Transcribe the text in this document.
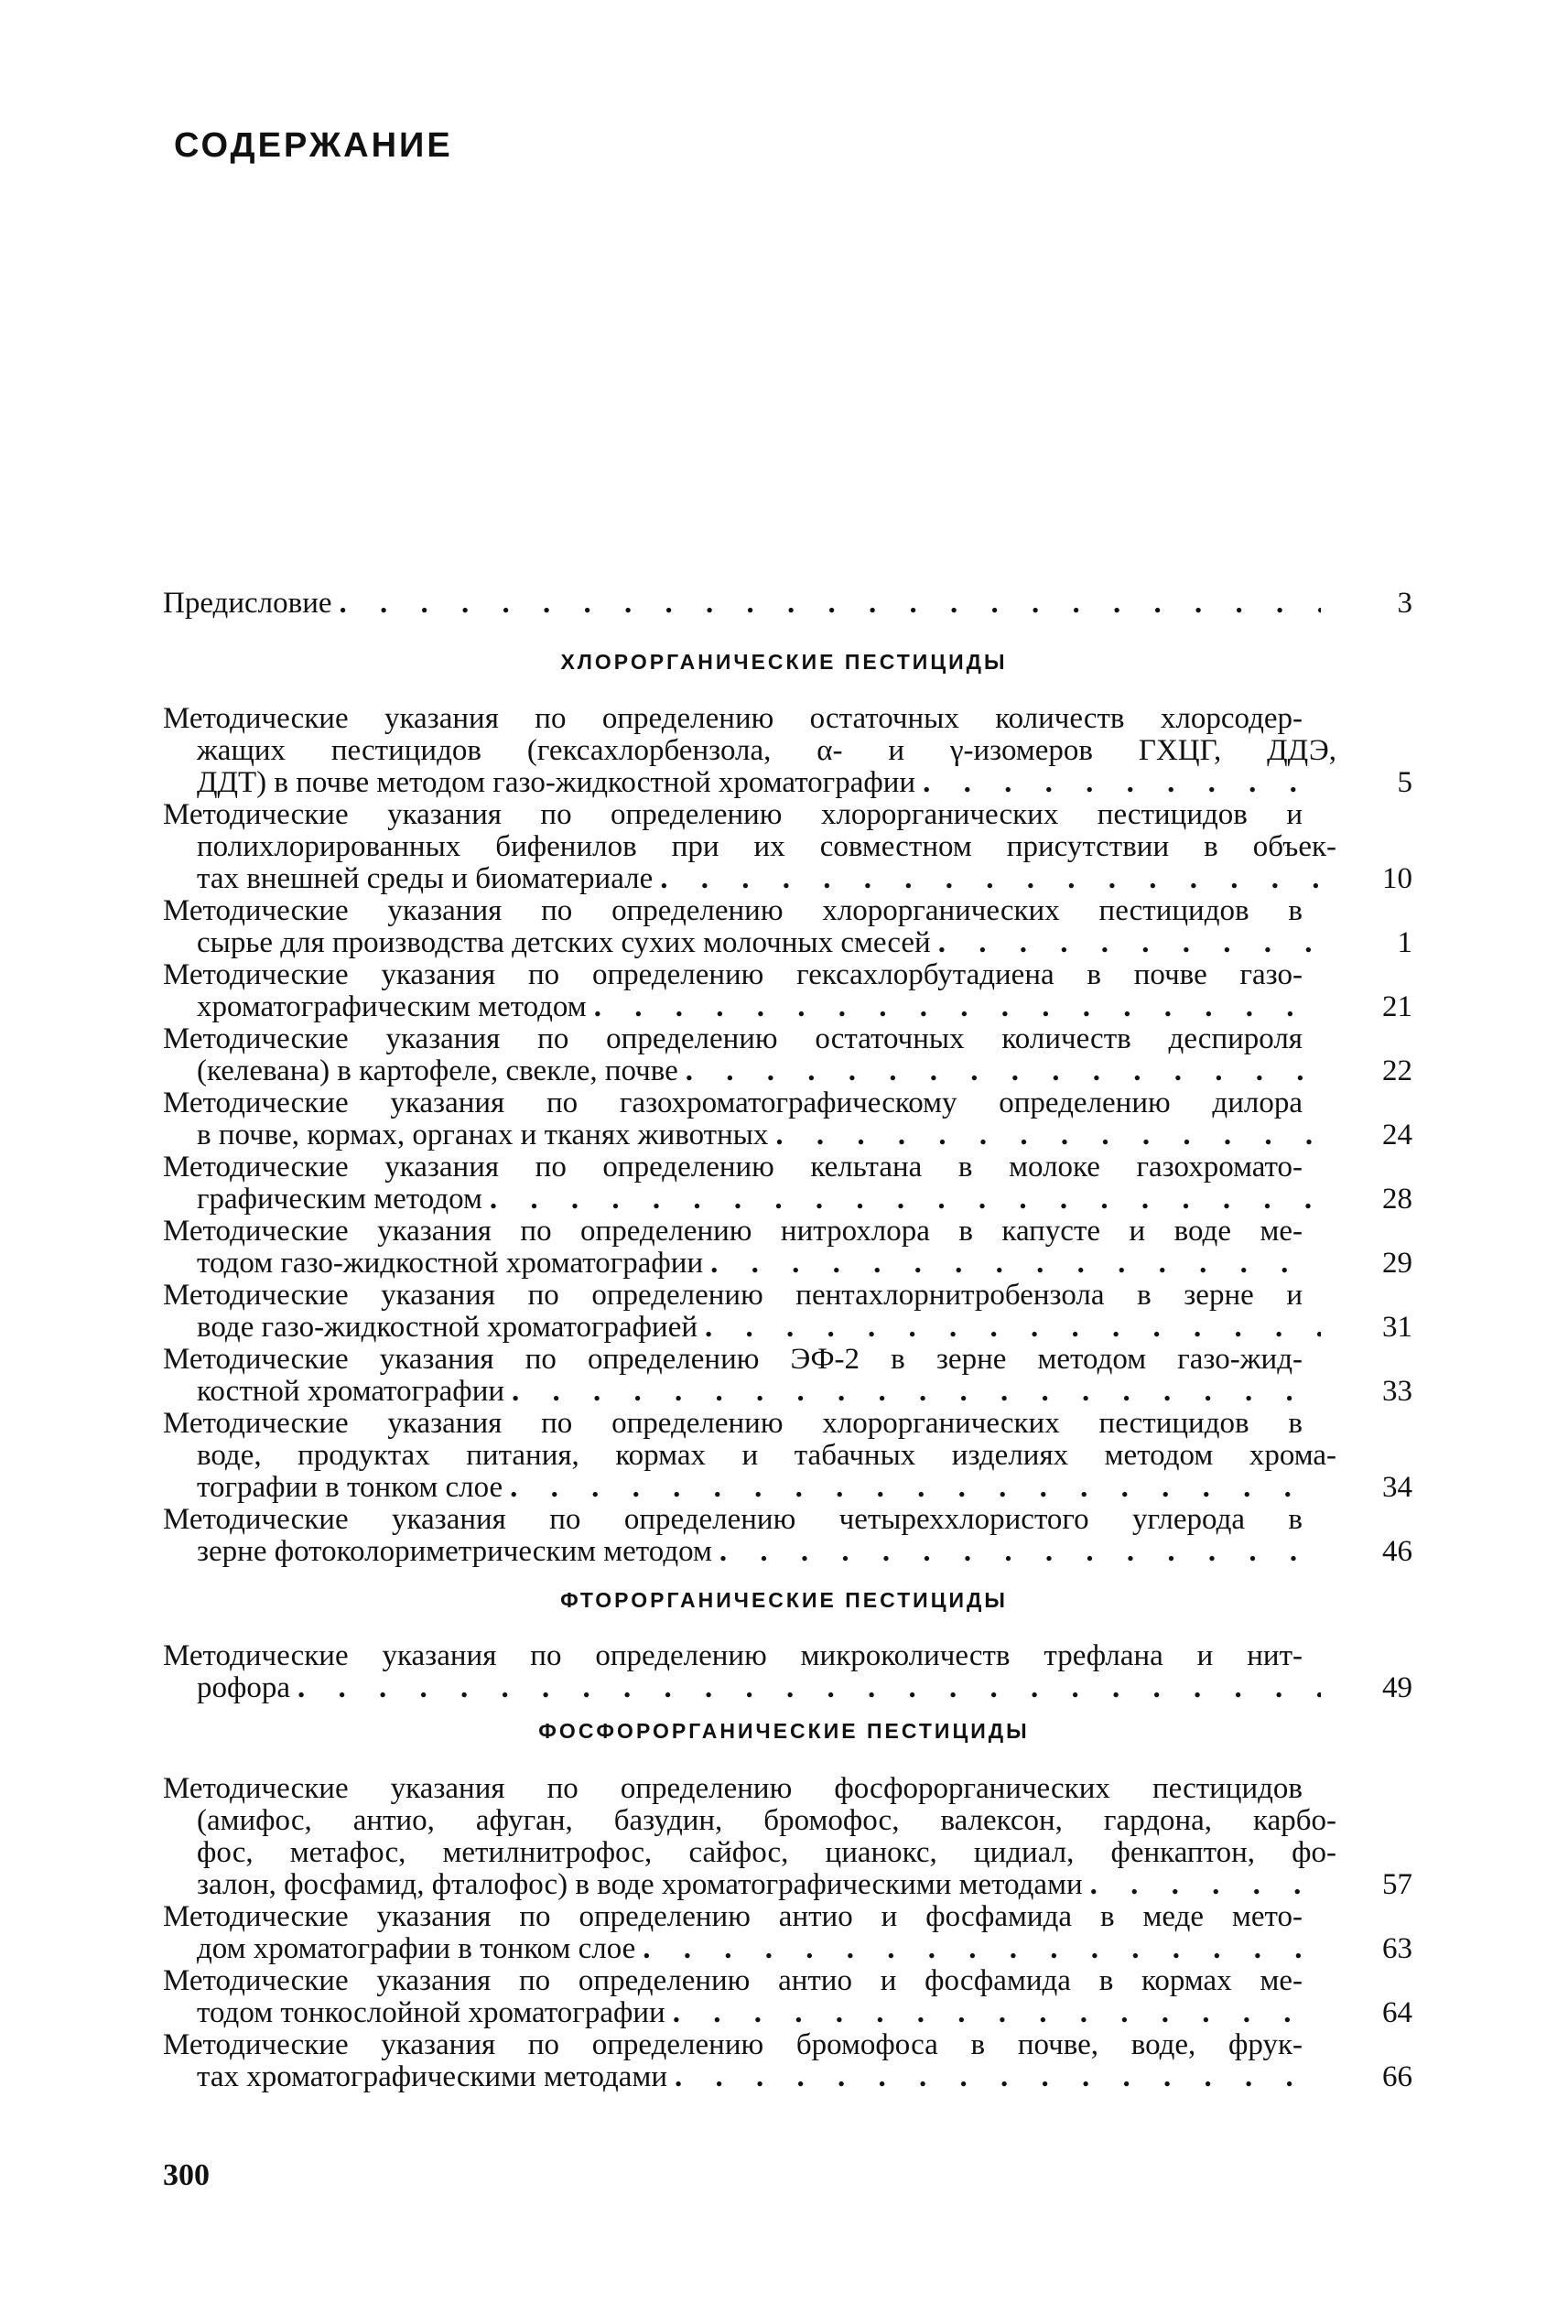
СОДЕРЖАНИЕ
Предисловие . . .	3
ХЛОРОРГАНИЧЕСКИЕ ПЕСТИЦИДЫ
Методические указания по определению остаточных количеств хлорсодер-
жащих пестицидов (гексахлорбензола, α- и γ-изомеров ГХЦГ, ДДЭ,
ДДТ) в почве методом газо-жидкостной хроматографии . . .	5
Методические указания по определению хлорорганических пестицидов и
полихлорированных бифенилов при их совместном присутствии в объек-
тах внешней среды и биоматериале . . .	10
Методические указания по определению хлорорганических пестицидов в
сырье для производства детских сухих молочных смесей . . .	1
Методические указания по определению гексахлорбутадиена в почве газо-
хроматографическим методом . . .	21
Методические указания по определению остаточных количеств деспироля
(келевана) в картофеле, свекле, почве . . .	22
Методические указания по газохроматографическому определению дилора
в почве, кормах, органах и тканях животных . . .	24
Методические указания по определению кельтана в молоке газохромато-
графическим методом . . .	28
Методические указания по определению нитрохлора в капусте и воде ме-
тодом газо-жидкостной хроматографии . . .	29
Методические указания по определению пентахлорнитробензола в зерне и
воде газо-жидкостной хроматографией . . .	31
Методические указания по определению ЭФ-2 в зерне методом газо-жид-
костной хроматографии . . .	33
Методические указания по определению хлорорганических пестицидов в
воде, продуктах питания, кормах и табачных изделиях методом хрома-
тографии в тонком слое . . .	34
Методические указания по определению четыреххлористого углерода в
зерне фотоколориметрическим методом . . .	46
ФТОРОРГАНИЧЕСКИЕ ПЕСТИЦИДЫ
Методические указания по определению микроколичеств трефлана и нит-
рофора . . .	49
ФОСФОРОРГАНИЧЕСКИЕ ПЕСТИЦИДЫ
Методические указания по определению фосфорорганических пестицидов
(амифос, антио, афуган, базудин, бромофос, валексон, гардона, карбо-
фос, метафос, метилнитрофос, сайфос, цианокс, цидиал, фенкаптон, фо-
залон, фосфамид, фталофос) в воде хроматографическими методами . . .	57
Методические указания по определению антио и фосфамида в меде мето-
дом хроматографии в тонком слое . . .	63
Методические указания по определению антио и фосфамида в кормах ме-
тодом тонкослойной хроматографии . . .	64
Методические указания по определению бромофоса в почве, воде, фрук-
тах хроматографическими методами . . .	66
300
